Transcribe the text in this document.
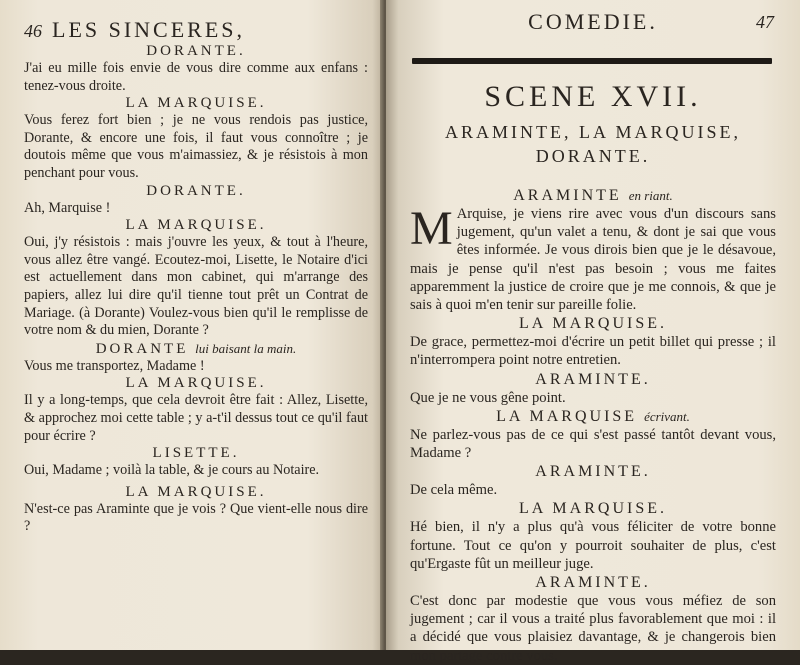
46 LES SINCERES,

DORANTE.

J'ai eu mille fois envie de vous dire comme aux enfans : tenez-vous droite.

LA MARQUISE.

Vous ferez fort bien ; je ne vous rendois pas justice, Dorante, & encore une fois, il faut vous connoître ; je doutois même que vous m'aimassiez, & je résistois à mon penchant pour vous.

DORANTE.

Ah, Marquise !

LA MARQUISE.

Oui, j'y résistois : mais j'ouvre les yeux, & tout à l'heure, vous allez être vangé. Ecoutez-moi, Lisette, le Notaire d'ici est actuellement dans mon cabinet, qui m'arrange des papiers, allez lui dire qu'il tienne tout prêt un Contrat de Mariage. (à Dorante) Voulez-vous bien qu'il le remplisse de votre nom & du mien, Dorante ?

DORANTE lui baisant la main.

Vous me transportez, Madame !

LA MARQUISE.

Il y a long-temps, que cela devroit être fait : Allez, Lisette, & approchez moi cette table ; y a-t'il dessus tout ce qu'il faut pour écrire ?

LISETTE.

Oui, Madame ; voilà la table, & je cours au Notaire.

LA MARQUISE.

N'est-ce pas Araminte que je vois ? Que vient-elle nous dire ?

COMEDIE.	47
SCENE XVII.
ARAMINTE, LA MARQUISE,
DORANTE.

ARAMINTE en riant.

M Arquise, je viens rire avec vous d'un discours sans jugement, qu'un valet a tenu, & dont je sai que vous êtes informée. Je vous dirois bien que je le désavoue, mais je pense qu'il n'est pas besoin ; vous me faites apparemment la justice de croire que je me connois, & que je sais à quoi m'en tenir sur pareille folie.

LA MARQUISE.

De grace, permettez-moi d'écrire un petit billet qui presse ; il n'interrompera point notre entretien.

ARAMINTE.

Que je ne vous gêne point.

LA MARQUISE écrivant.

Ne parlez-vous pas de ce qui s'est passé tantôt devant vous, Madame ?

ARAMINTE.

De cela même.

LA MARQUISE.

Hé bien, il n'y a plus qu'à vous féliciter de votre bonne fortune. Tout ce qu'on y pourroit souhaiter de plus, c'est qu'Ergaste fût un meilleur juge.

ARAMINTE.

C'est donc par modestie que vous vous méfiez de son jugement ; car il vous a traité plus favorablement que moi : il a décidé que vous plaisiez davantage, & je changerois bien mon partage contre vous.
